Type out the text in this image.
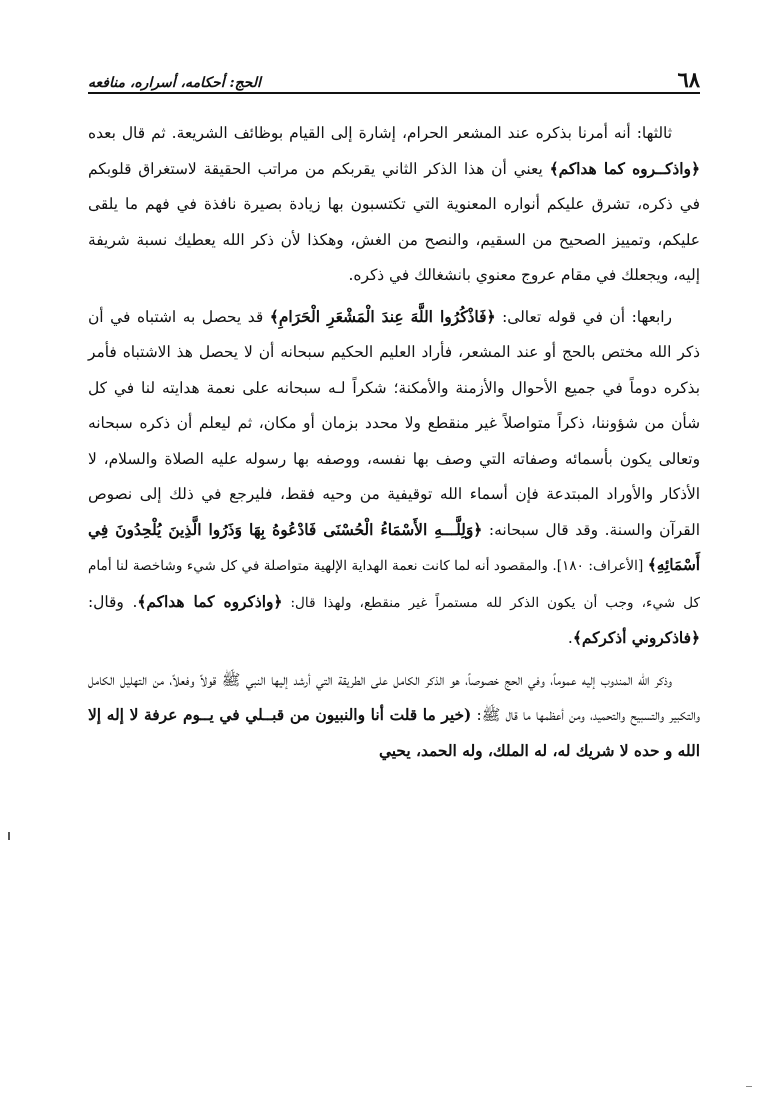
٦٨
الحج: أحكامه، أسراره، منافعه

ثالثها: أنه أمرنا بذكره عند المشعر الحرام، إشارة إلى القيام بوظائف الشريعة. ثم قال بعده ﴿واذكــروه كما هداكم﴾ يعني أن هذا الذكر الثاني يقربكم من مراتب الحقيقة لاستغراق قلوبكم في ذكره، تشرق عليكم أنواره المعنوية التي تكتسبون بها زيادة بصيرة نافذة في فهم ما يلقى عليكم، وتمييز الصحيح من السقيم، والنصح من الغش، وهكذا لأن ذكر الله يعطيك نسبة شريفة إليه، ويجعلك في مقام عروج معنوي بانشغالك في ذكره.

رابعها: أن في قوله تعالى: ﴿فَاذْكُرُوا اللَّهَ عِندَ الْمَشْعَرِ الْحَرَامِ﴾ قد يحصل به اشتباه في أن ذكر الله مختص بالحج أو عند المشعر، فأراد العليم الحكيم سبحانه أن لا يحصل هذ الاشتباه فأمر بذكره دوماً في جميع الأحوال والأزمنة والأمكنة؛ شكراً لـه سبحانه على نعمة هدايته لنا في كل شأن من شؤوننا، ذكراً متواصلاً غير منقطع ولا محدد بزمان أو مكان، ثم ليعلم أن ذكره سبحانه وتعالى يكون بأسمائه وصفاته التي وصف بها نفسه، ووصفه بها رسوله عليه الصلاة والسلام، لا الأذكار والأوراد المبتدعة فإن أسماء الله توقيفية من وحيه فقط، فليرجع في ذلك إلى نصوص القرآن والسنة. وقد قال سبحانه: ﴿وَلِلَّـــهِ الأَسْمَاءُ الْحُسْنَى فَادْعُوهُ بِهَا وَذَرُوا الَّذِينَ يُلْحِدُونَ فِي أَسْمَائِهِ﴾ [الأعراف: ١٨٠]. والمقصود أنه لما كانت نعمة الهداية الإلهية متواصلة في كل شيء وشاخصة لنا أمام كل شيء، وجب أن يكون الذكر لله مستمراً غير منقطع، ولهذا قال: ﴿واذكروه كما هداكم﴾. وقال: ﴿فاذكروني أذكركم﴾.

وذكر الله المندوب إليه عموماً، وفي الحج خصوصاً، هو الذكر الكامل على الطريقة التي أرشد إليها النبي ﷺ قولاً وفعلاً، من التهليل الكامل والتكبير والتسبيح والتحميد، ومن أعظمها ما قال ﷺ: (خير ما قلت أنا والنبيون من قبــلي في يــوم عرفة لا إله إلا الله و حده لا شريك له، له الملك، وله الحمد، يحيي
